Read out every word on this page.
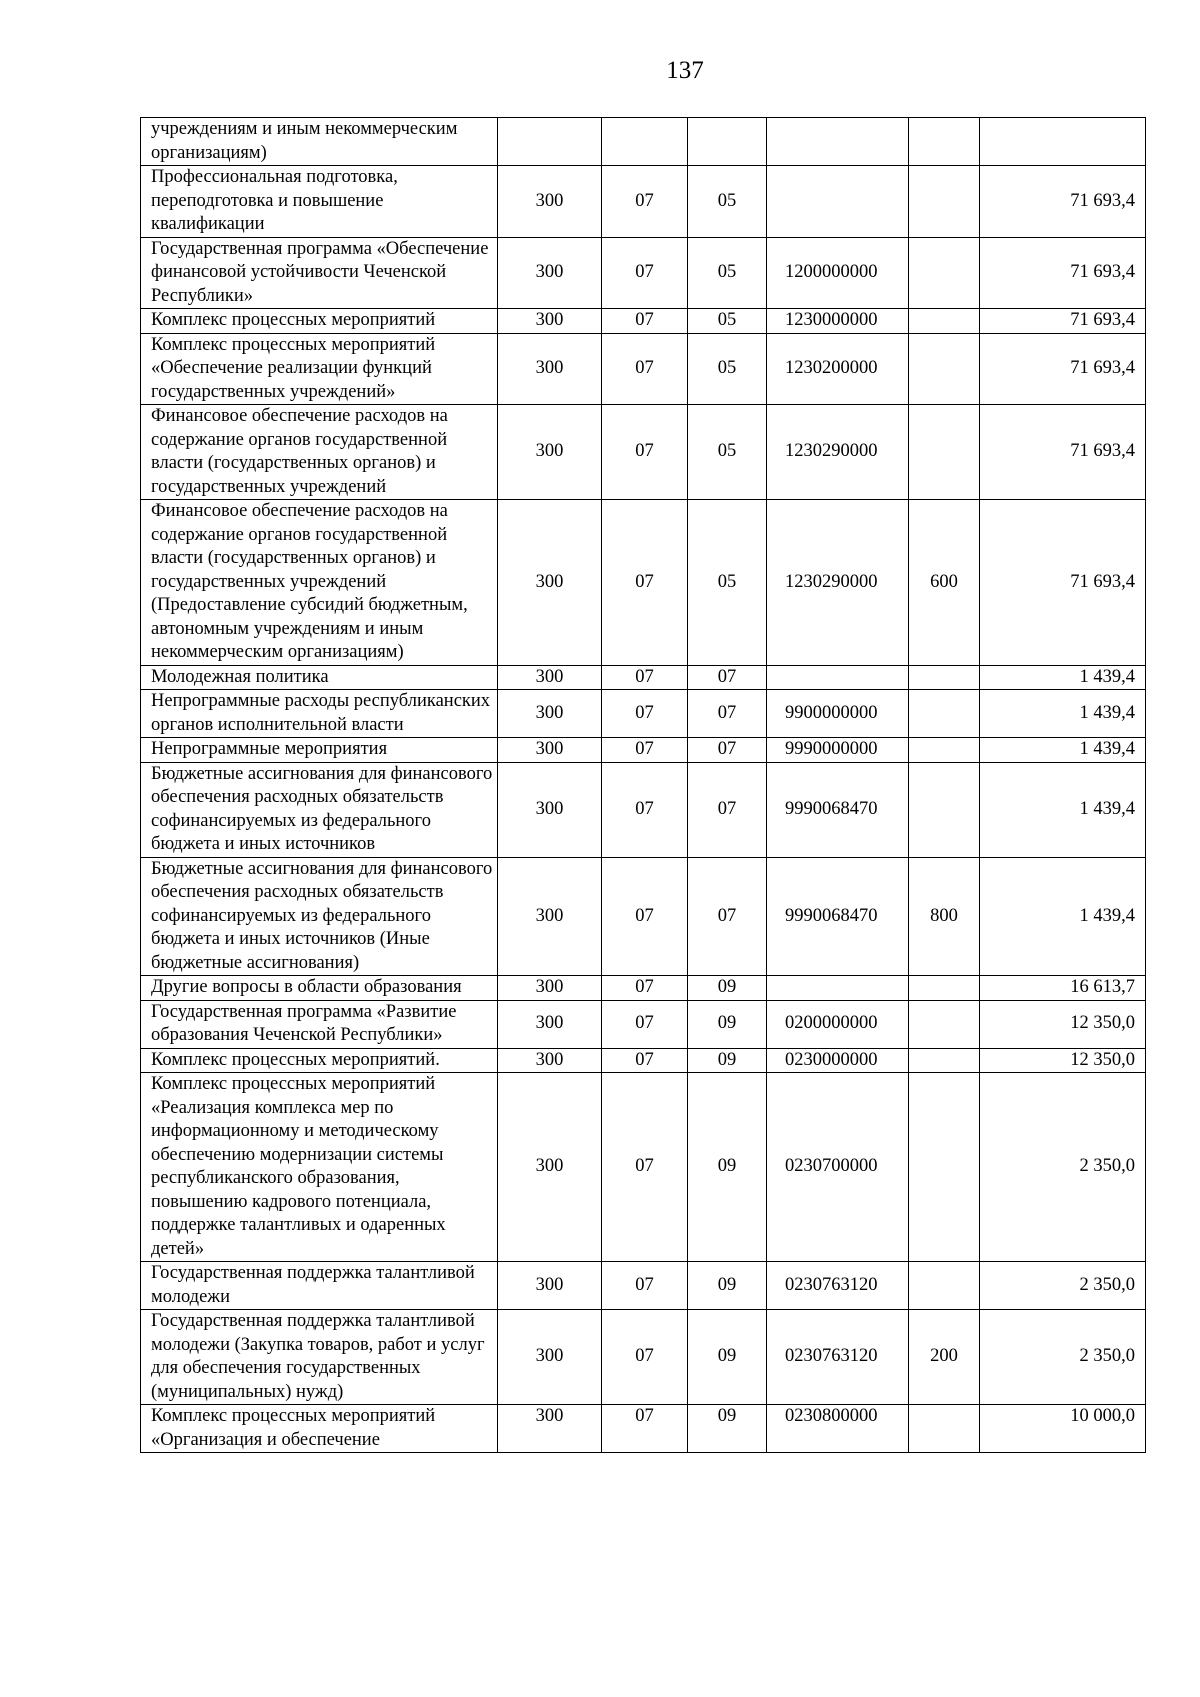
137
учреждениям и иным некоммерческим организациям)						
Профессиональная подготовка, переподготовка и повышение квалификации	300	07	05			71 693,4
Государственная программа «Обеспечение финансовой устойчивости Чеченской Республики»	300	07	05	1200000000		71 693,4
Комплекс процессных мероприятий	300	07	05	1230000000		71 693,4
Комплекс процессных мероприятий «Обеспечение реализации функций государственных учреждений»	300	07	05	1230200000		71 693,4
Финансовое обеспечение расходов на содержание органов государственной власти (государственных органов) и государственных учреждений	300	07	05	1230290000		71 693,4
Финансовое обеспечение расходов на содержание органов государственной власти (государственных органов) и государственных учреждений (Предоставление субсидий бюджетным, автономным учреждениям и иным некоммерческим организациям)	300	07	05	1230290000	600	71 693,4
Молодежная политика	300	07	07			1 439,4
Непрограммные расходы республиканских органов исполнительной власти	300	07	07	9900000000		1 439,4
Непрограммные мероприятия	300	07	07	9990000000		1 439,4
Бюджетные ассигнования для финансового обеспечения расходных обязательств софинансируемых из федерального бюджета и иных источников	300	07	07	9990068470		1 439,4
Бюджетные ассигнования для финансового обеспечения расходных обязательств софинансируемых из федерального бюджета и иных источников (Иные бюджетные ассигнования)	300	07	07	9990068470	800	1 439,4
Другие вопросы в области образования	300	07	09			16 613,7
Государственная программа «Развитие образования Чеченской Республики»	300	07	09	0200000000		12 350,0
Комплекс процессных мероприятий.	300	07	09	0230000000		12 350,0
Комплекс процессных мероприятий «Реализация комплекса мер по информационному и методическому обеспечению модернизации системы республиканского образования, повышению кадрового потенциала, поддержке талантливых и одаренных детей»	300	07	09	0230700000		2 350,0
Государственная поддержка талантливой молодежи	300	07	09	0230763120		2 350,0
Государственная поддержка талантливой молодежи (Закупка товаров, работ и услуг для обеспечения государственных (муниципальных) нужд)	300	07	09	0230763120	200	2 350,0
Комплекс процессных мероприятий «Организация и обеспечение	300	07	09	0230800000		10 000,0
